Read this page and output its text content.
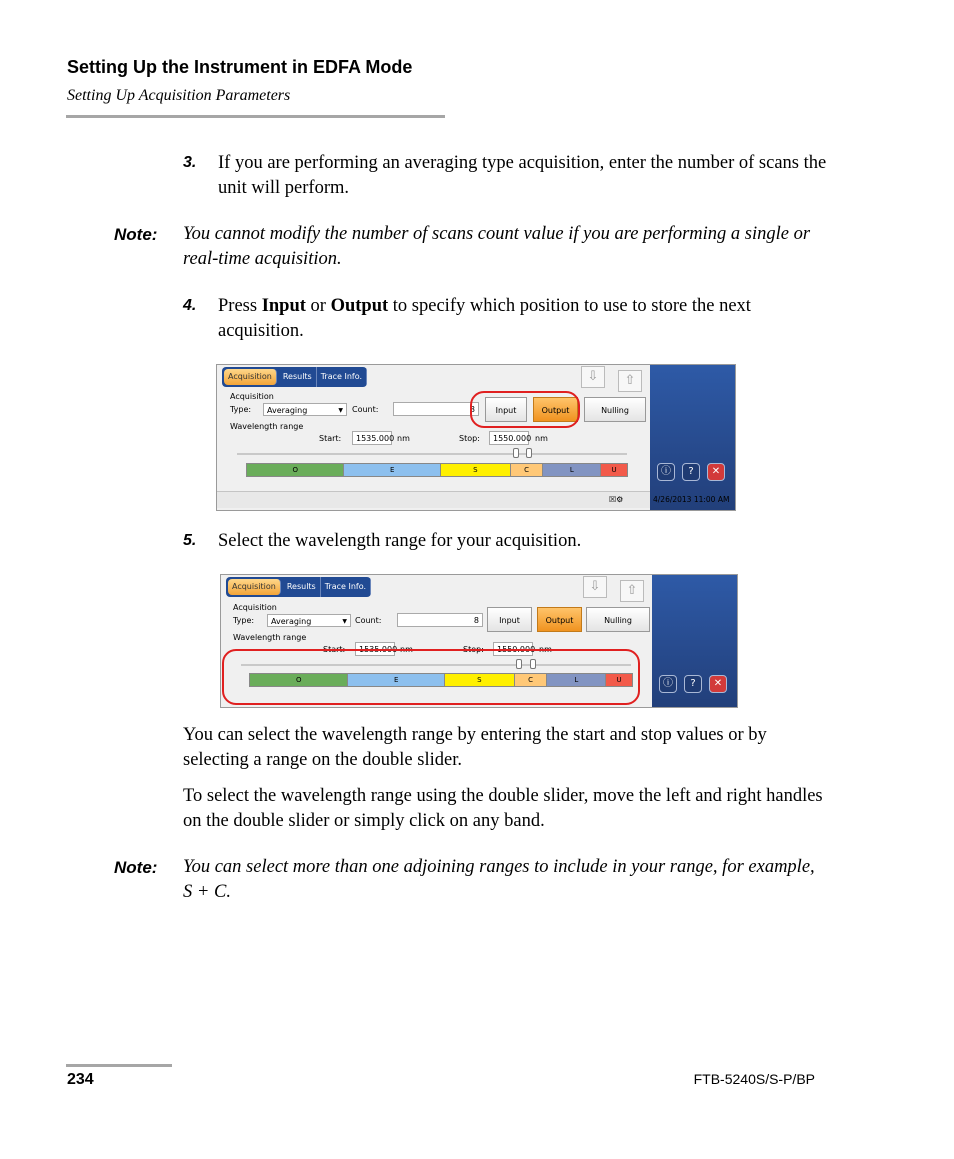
Setting Up the Instrument in EDFA Mode
Setting Up Acquisition Parameters
3. If you are performing an averaging type acquisition, enter the number of scans the unit will perform.
Note: You cannot modify the number of scans count value if you are performing a single or real-time acquisition.
4. Press Input or Output to specify which position to use to store the next acquisition.
Acquisition	Results	Trace Info.	⇩	⇧
Acquisition
Type:	Averaging	▼ Count:	8	Input	Output	Nulling
Wavelength range
Start:	1535.000 nm	Stop:	1550.000 nm
O	E	S	C	L	U
☒⚙
ⓘ	?	✕
4/26/2013 11:00 AM
5. Select the wavelength range for your acquisition.
Acquisition	Results	Trace Info.	⇩	⇧
Acquisition
Type:	Averaging	▼ Count:	8	Input	Output	Nulling
Wavelength range
Start:	1535.000 nm	Stop:	1550.000 nm
O	E	S	C	L	U	ⓘ	?	✕
You can select the wavelength range by entering the start and stop values or by selecting a range on the double slider.
To select the wavelength range using the double slider, move the left and right handles on the double slider or simply click on any band.
Note: You can select more than one adjoining ranges to include in your range, for example, S + C.
234	FTB-5240S/S-P/BP
